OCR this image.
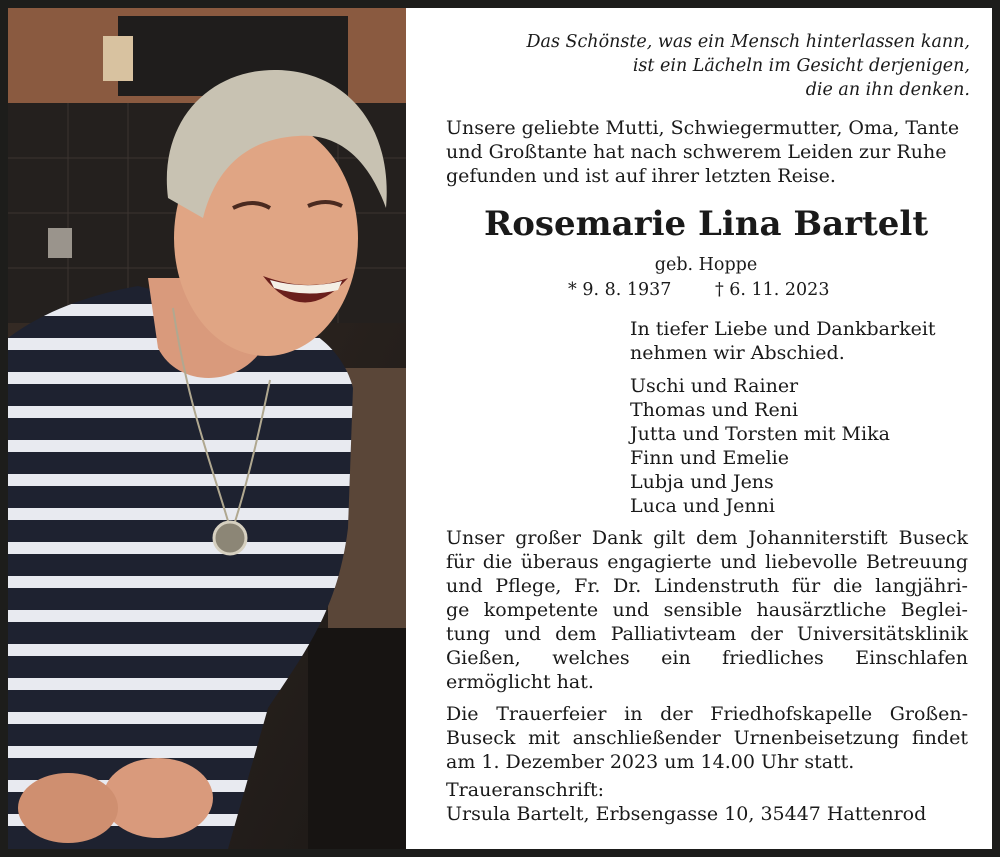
Das Schönste, was ein Mensch hinterlassen kann,
ist ein Lächeln im Gesicht derjenigen,
die an ihn denken.
Unsere geliebte Mutti, Schwiegermutter, Oma, Tante
und Großtante hat nach schwerem Leiden zur Ruhe
gefunden und ist auf ihrer letzten Reise.
Rosemarie Lina Bartelt
geb. Hoppe
* 9. 8. 1937 † 6. 11. 2023
In tiefer Liebe und Dankbarkeit
nehmen wir Abschied.
Uschi und Rainer
Thomas und Reni
Jutta und Torsten mit Mika
Finn und Emelie
Lubja und Jens
Luca und Jenni
Unser großer Dank gilt dem Johanniterstift Buseck
für die überaus engagierte und liebevolle Betreuung
und Pflege, Fr. Dr. Lindenstruth für die langjähri-
ge kompetente und sensible hausärztliche Beglei-
tung und dem Palliativteam der Universitätsklinik
Gießen, welches ein friedliches Einschlafen
ermöglicht hat.
Die Trauerfeier in der Friedhofskapelle Großen-
Buseck mit anschließender Urnenbeisetzung findet
am 1. Dezember 2023 um 14.00 Uhr statt.
Traueranschrift:
Ursula Bartelt, Erbsengasse 10, 35447 Hattenrod
